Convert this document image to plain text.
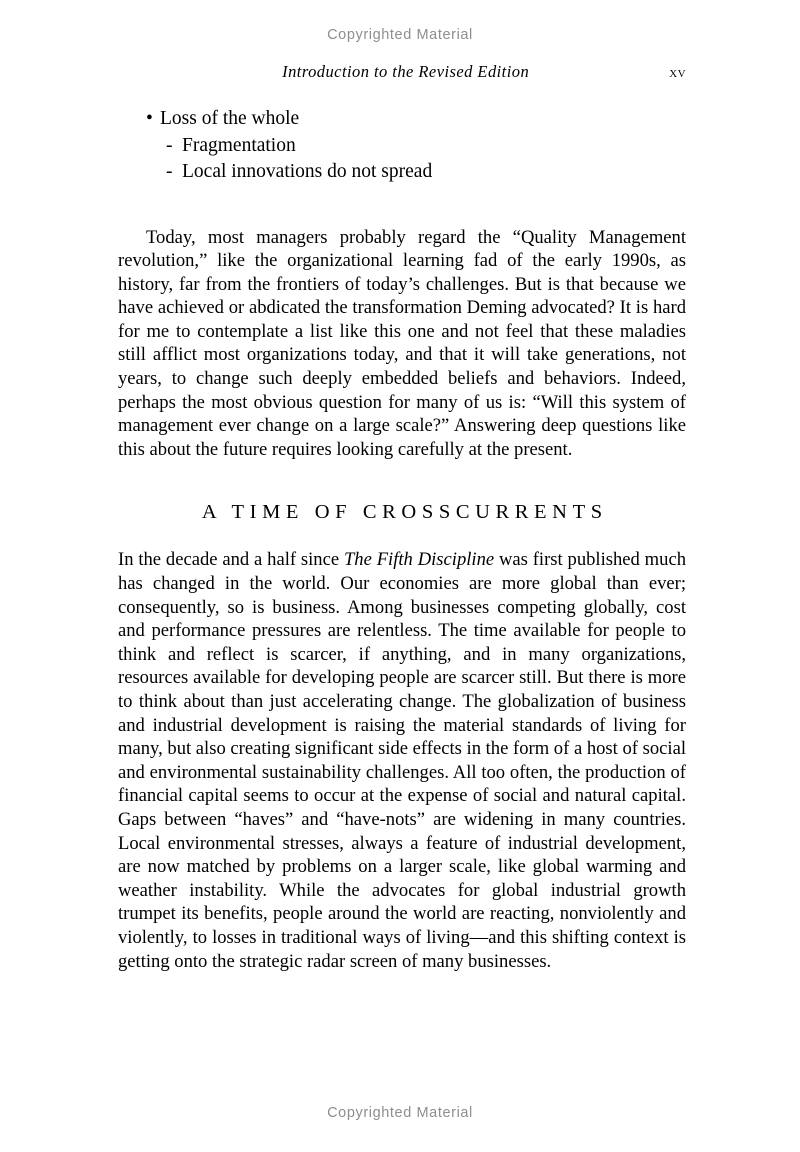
Copyrighted Material
Introduction to the Revised Edition	xv
• Loss of the whole
- Fragmentation
- Local innovations do not spread

Today, most managers probably regard the “Quality Management revolution,” like the organizational learning fad of the early 1990s, as history, far from the frontiers of today’s challenges. But is that because we have achieved or abdicated the transformation Deming advocated? It is hard for me to contemplate a list like this one and not feel that these maladies still afflict most organizations today, and that it will take generations, not years, to change such deeply embedded beliefs and behaviors. Indeed, perhaps the most obvious question for many of us is: “Will this system of management ever change on a large scale?” Answering deep questions like this about the future requires looking carefully at the present.

A TIME OF CROSSCURRENTS

In the decade and a half since The Fifth Discipline was first published much has changed in the world. Our economies are more global than ever; consequently, so is business. Among businesses competing globally, cost and performance pressures are relentless. The time available for people to think and reflect is scarcer, if anything, and in many organizations, resources available for developing people are scarcer still. But there is more to think about than just accelerating change. The globalization of business and industrial development is raising the material standards of living for many, but also creating significant side effects in the form of a host of social and environmental sustainability challenges. All too often, the production of financial capital seems to occur at the expense of social and natural capital. Gaps between “haves” and “have-nots” are widening in many countries. Local environmental stresses, always a feature of industrial development, are now matched by problems on a larger scale, like global warming and weather instability. While the advocates for global industrial growth trumpet its benefits, people around the world are reacting, nonviolently and violently, to losses in traditional ways of living—and this shifting context is getting onto the strategic radar screen of many businesses.

Copyrighted Material
